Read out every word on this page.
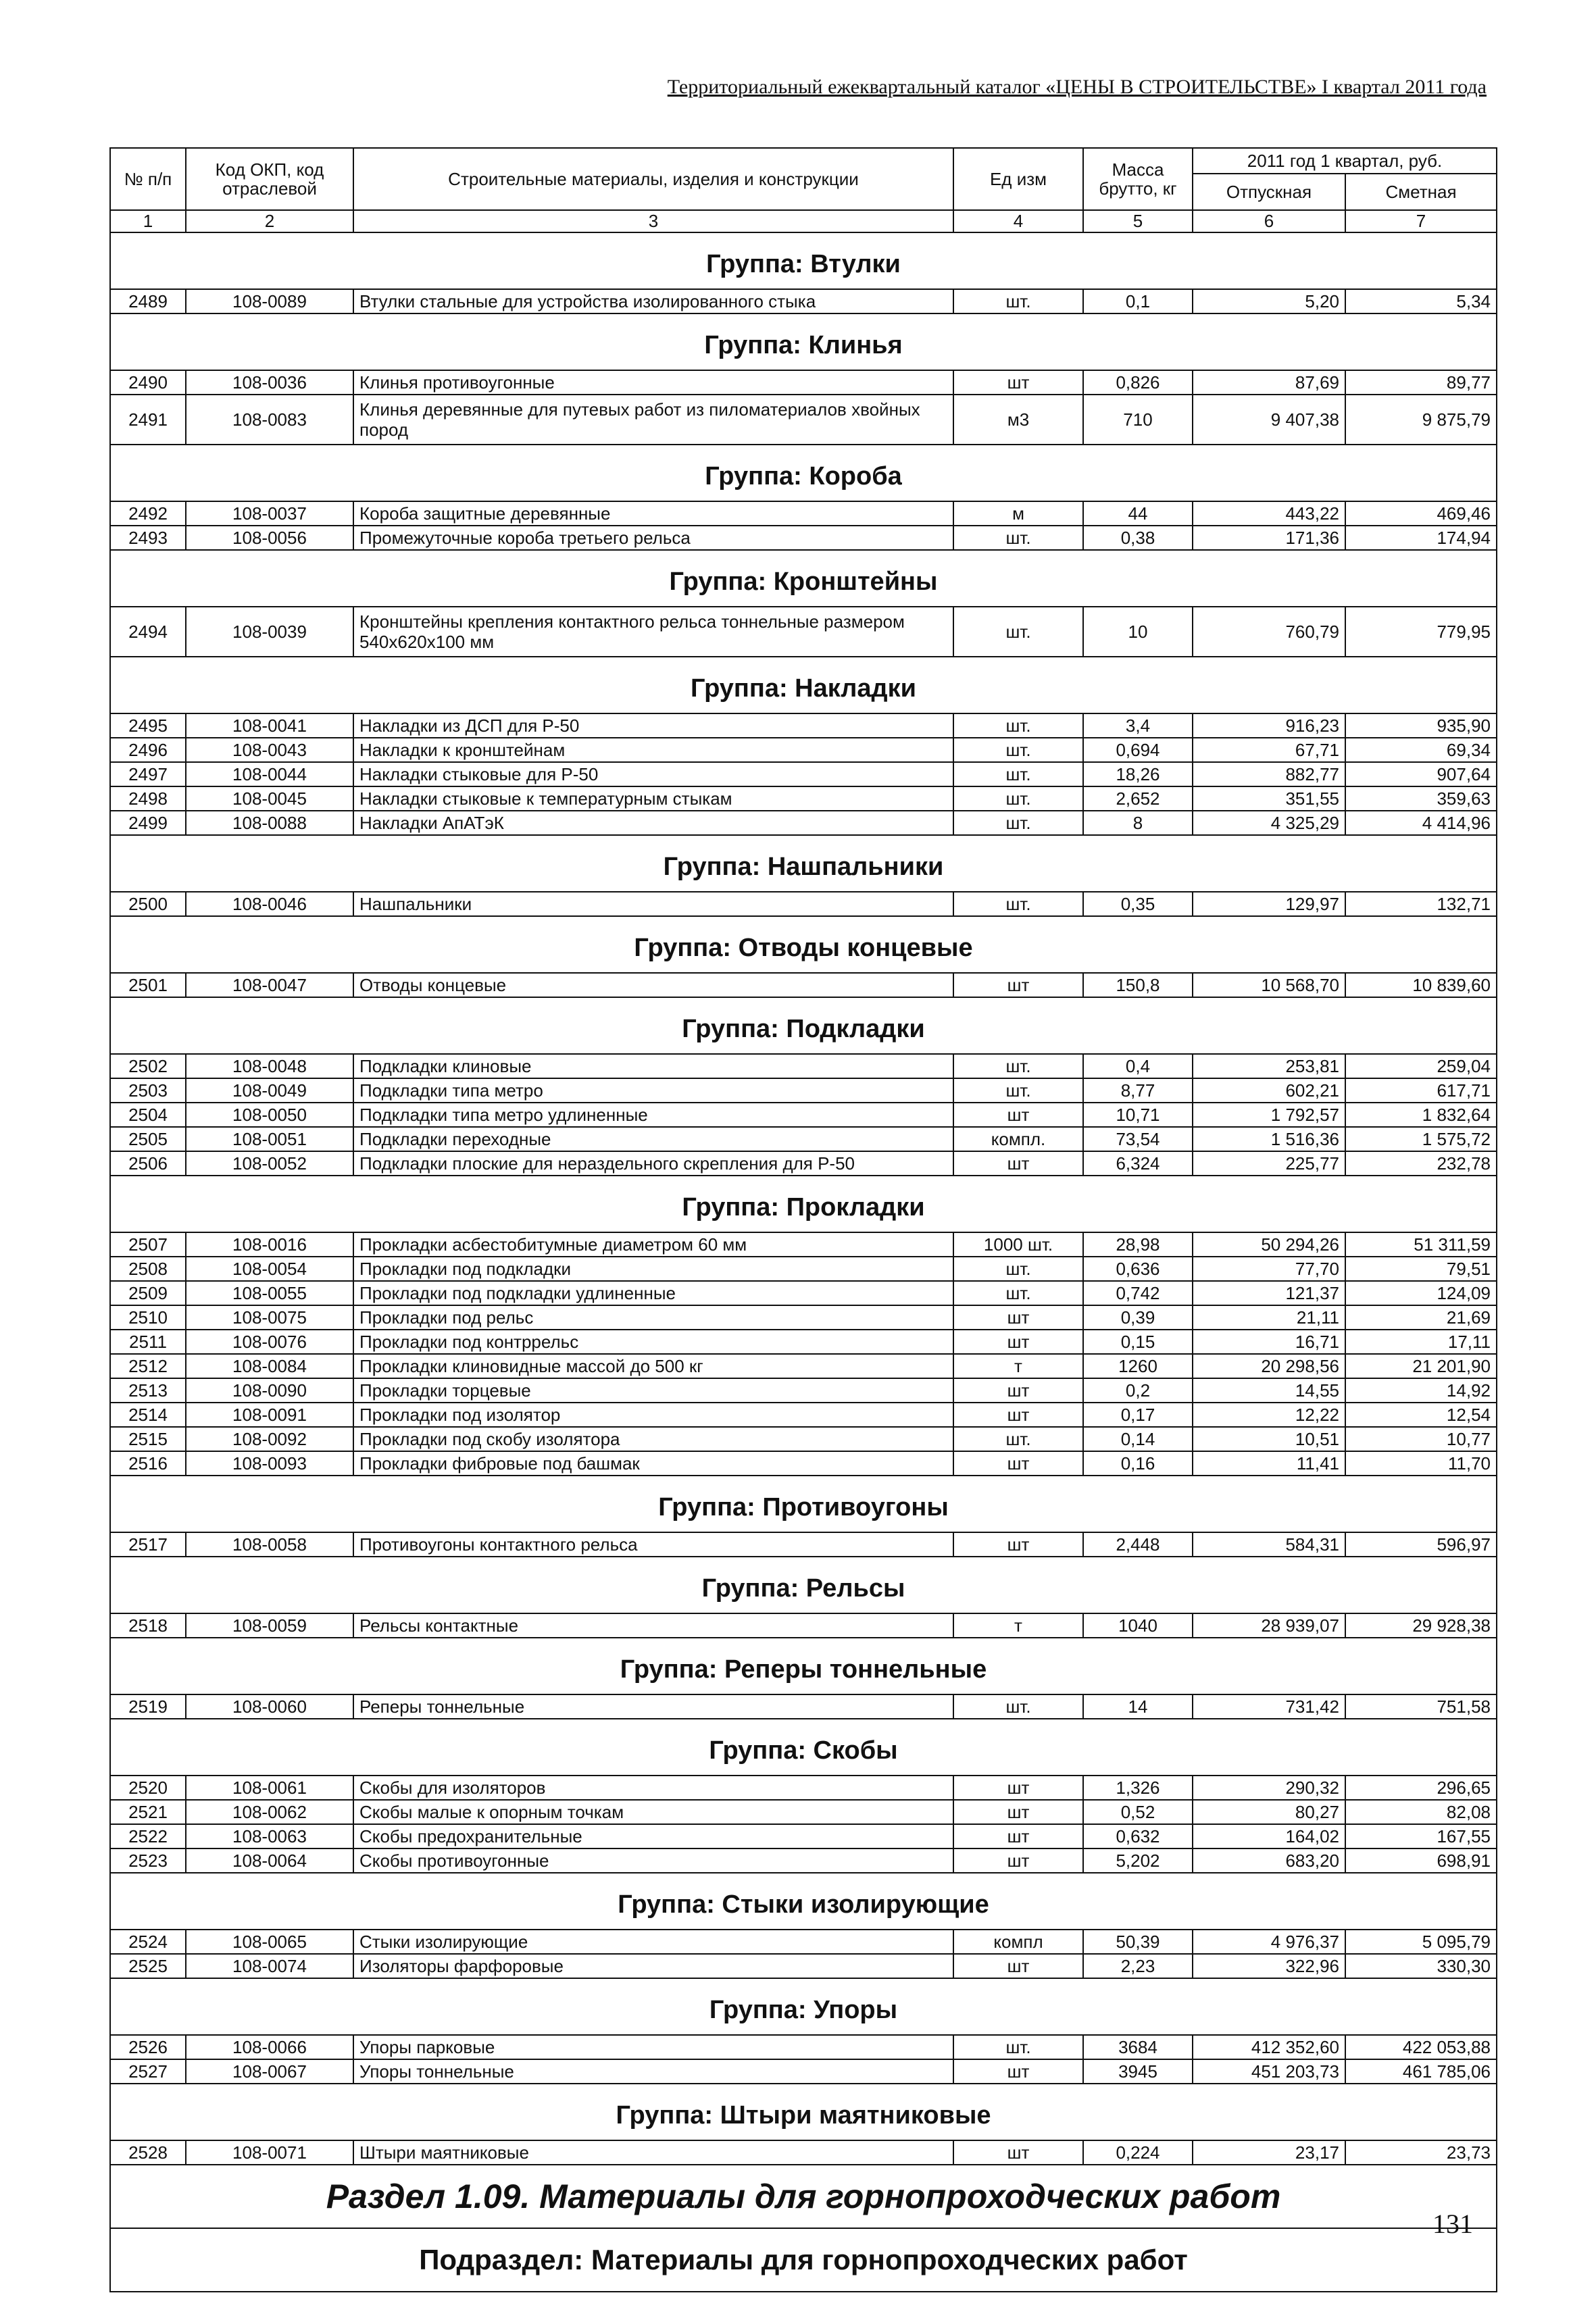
Территориальный ежеквартальный каталог «ЦЕНЫ В СТРОИТЕЛЬСТВЕ» I квартал 2011 года
№ п/п	Код ОКП, код отраслевой	Строительные материалы, изделия и конструкции	Ед изм	Масса брутто, кг	2011 год 1 квартал, руб.	
					Отпускная	Сметная
1	2	3	4	5	6	7
Группа: Втулки						
2489	108-0089	Втулки стальные для устройства изолированного стыка	шт.	0,1	5,20	5,34
Группа: Клинья						
2490	108-0036	Клинья противоугонные	шт	0,826	87,69	89,77
2491	108-0083	Клинья деревянные для путевых работ из пиломатериалов хвойных пород	м3	710	9 407,38	9 875,79
Группа: Короба						
2492	108-0037	Короба защитные деревянные	м	44	443,22	469,46
2493	108-0056	Промежуточные короба третьего рельса	шт.	0,38	171,36	174,94
Группа: Кронштейны						
2494	108-0039	Кронштейны крепления контактного рельса тоннельные размером 540x620x100 мм	шт.	10	760,79	779,95
Группа: Накладки						
2495	108-0041	Накладки из ДСП для Р-50	шт.	3,4	916,23	935,90
2496	108-0043	Накладки к кронштейнам	шт.	0,694	67,71	69,34
2497	108-0044	Накладки стыковые для Р-50	шт.	18,26	882,77	907,64
2498	108-0045	Накладки стыковые к температурным стыкам	шт.	2,652	351,55	359,63
2499	108-0088	Накладки АпАТэК	шт.	8	4 325,29	4 414,96
Группа: Нашпальники						
2500	108-0046	Нашпальники	шт.	0,35	129,97	132,71
Группа: Отводы концевые						
2501	108-0047	Отводы концевые	шт	150,8	10 568,70	10 839,60
Группа: Подкладки						
2502	108-0048	Подкладки клиновые	шт.	0,4	253,81	259,04
2503	108-0049	Подкладки типа метро	шт.	8,77	602,21	617,71
2504	108-0050	Подкладки типа метро удлиненные	шт	10,71	1 792,57	1 832,64
2505	108-0051	Подкладки переходные	компл.	73,54	1 516,36	1 575,72
2506	108-0052	Подкладки плоские для нераздельного скрепления для Р-50	шт	6,324	225,77	232,78
Группа: Прокладки						
2507	108-0016	Прокладки асбестобитумные диаметром 60 мм	1000 шт.	28,98	50 294,26	51 311,59
2508	108-0054	Прокладки под подкладки	шт.	0,636	77,70	79,51
2509	108-0055	Прокладки под подкладки удлиненные	шт.	0,742	121,37	124,09
2510	108-0075	Прокладки под рельс	шт	0,39	21,11	21,69
2511	108-0076	Прокладки под контррельс	шт	0,15	16,71	17,11
2512	108-0084	Прокладки клиновидные массой до 500 кг	т	1260	20 298,56	21 201,90
2513	108-0090	Прокладки торцевые	шт	0,2	14,55	14,92
2514	108-0091	Прокладки под изолятор	шт	0,17	12,22	12,54
2515	108-0092	Прокладки под скобу изолятора	шт.	0,14	10,51	10,77
2516	108-0093	Прокладки фибровые под башмак	шт	0,16	11,41	11,70
Группа: Противоугоны						
2517	108-0058	Противоугоны контактного рельса	шт	2,448	584,31	596,97
Группа: Рельсы						
2518	108-0059	Рельсы контактные	т	1040	28 939,07	29 928,38
Группа: Реперы тоннельные						
2519	108-0060	Реперы тоннельные	шт.	14	731,42	751,58
Группа: Скобы						
2520	108-0061	Скобы для изоляторов	шт	1,326	290,32	296,65
2521	108-0062	Скобы малые к опорным точкам	шт	0,52	80,27	82,08
2522	108-0063	Скобы предохранительные	шт	0,632	164,02	167,55
2523	108-0064	Скобы противоугонные	шт	5,202	683,20	698,91
Группа: Стыки изолирующие						
2524	108-0065	Стыки изолирующие	компл	50,39	4 976,37	5 095,79
2525	108-0074	Изоляторы фарфоровые	шт	2,23	322,96	330,30
Группа: Упоры						
2526	108-0066	Упоры парковые	шт.	3684	412 352,60	422 053,88
2527	108-0067	Упоры тоннельные	шт	3945	451 203,73	461 785,06
Группа: Штыри маятниковые						
2528	108-0071	Штыри маятниковые	шт	0,224	23,17	23,73
Раздел 1.09. Материалы для горнопроходческих работ						
Подраздел: Материалы для горнопроходческих работ						
131
